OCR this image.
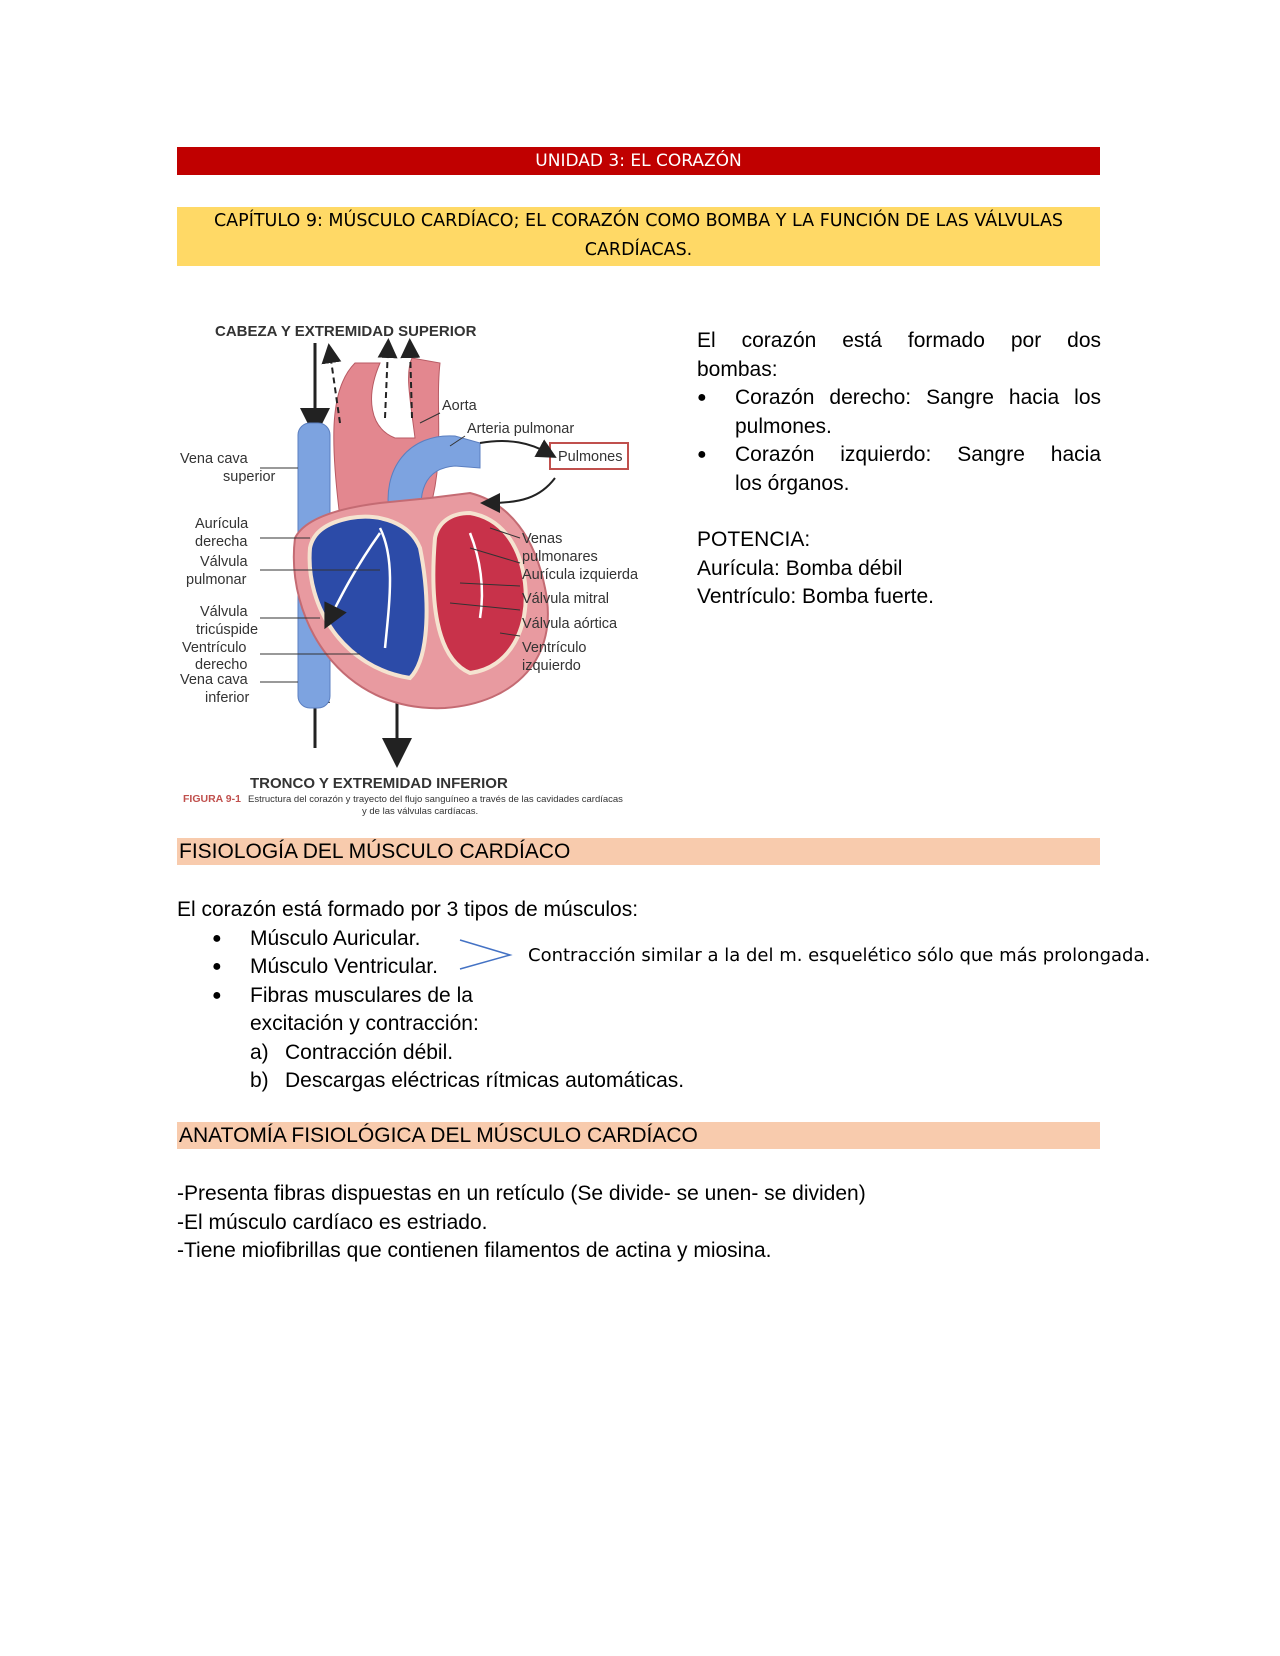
UNIDAD 3: EL CORAZÓN
CAPÍTULO 9: MÚSCULO CARDÍACO; EL CORAZÓN COMO BOMBA Y LA FUNCIÓN DE LAS VÁLVULAS CARDÍACAS.
CABEZA Y EXTREMIDAD SUPERIOR
TRONCO Y EXTREMIDAD INFERIOR
Pulmones
Aorta
Arteria pulmonar
Vena cava
superior
Aurícula
derecha
Válvula
pulmonar
Válvula
tricúspide
Ventrículo
derecho
Vena cava
inferior
Venas
pulmonares
Aurícula izquierda
Válvula mitral
Válvula aórtica
Ventrículo
izquierdo
FIGURA 9-1 Estructura del corazón y trayecto del flujo sanguíneo a través de las cavidades cardíacas
y de las válvulas cardíacas.
El corazón está formado por dos
bombas:
● Corazón derecho: Sangre hacia los
pulmones.
● Corazón izquierdo: Sangre hacia
los órganos.
POTENCIA:
Aurícula: Bomba débil
Ventrículo: Bomba fuerte.
FISIOLOGÍA DEL MÚSCULO CARDÍACO
El corazón está formado por 3 tipos de músculos:
● Músculo Auricular.
● Músculo Ventricular.
● Fibras musculares de la
excitación y contracción:
a) Contracción débil.
b) Descargas eléctricas rítmicas automáticas.
Contracción similar a la del m. esquelético sólo que más prolongada.
ANATOMÍA FISIOLÓGICA DEL MÚSCULO CARDÍACO
-Presenta fibras dispuestas en un retículo (Se divide- se unen- se dividen)
-El músculo cardíaco es estriado.
-Tiene miofibrillas que contienen filamentos de actina y miosina.
